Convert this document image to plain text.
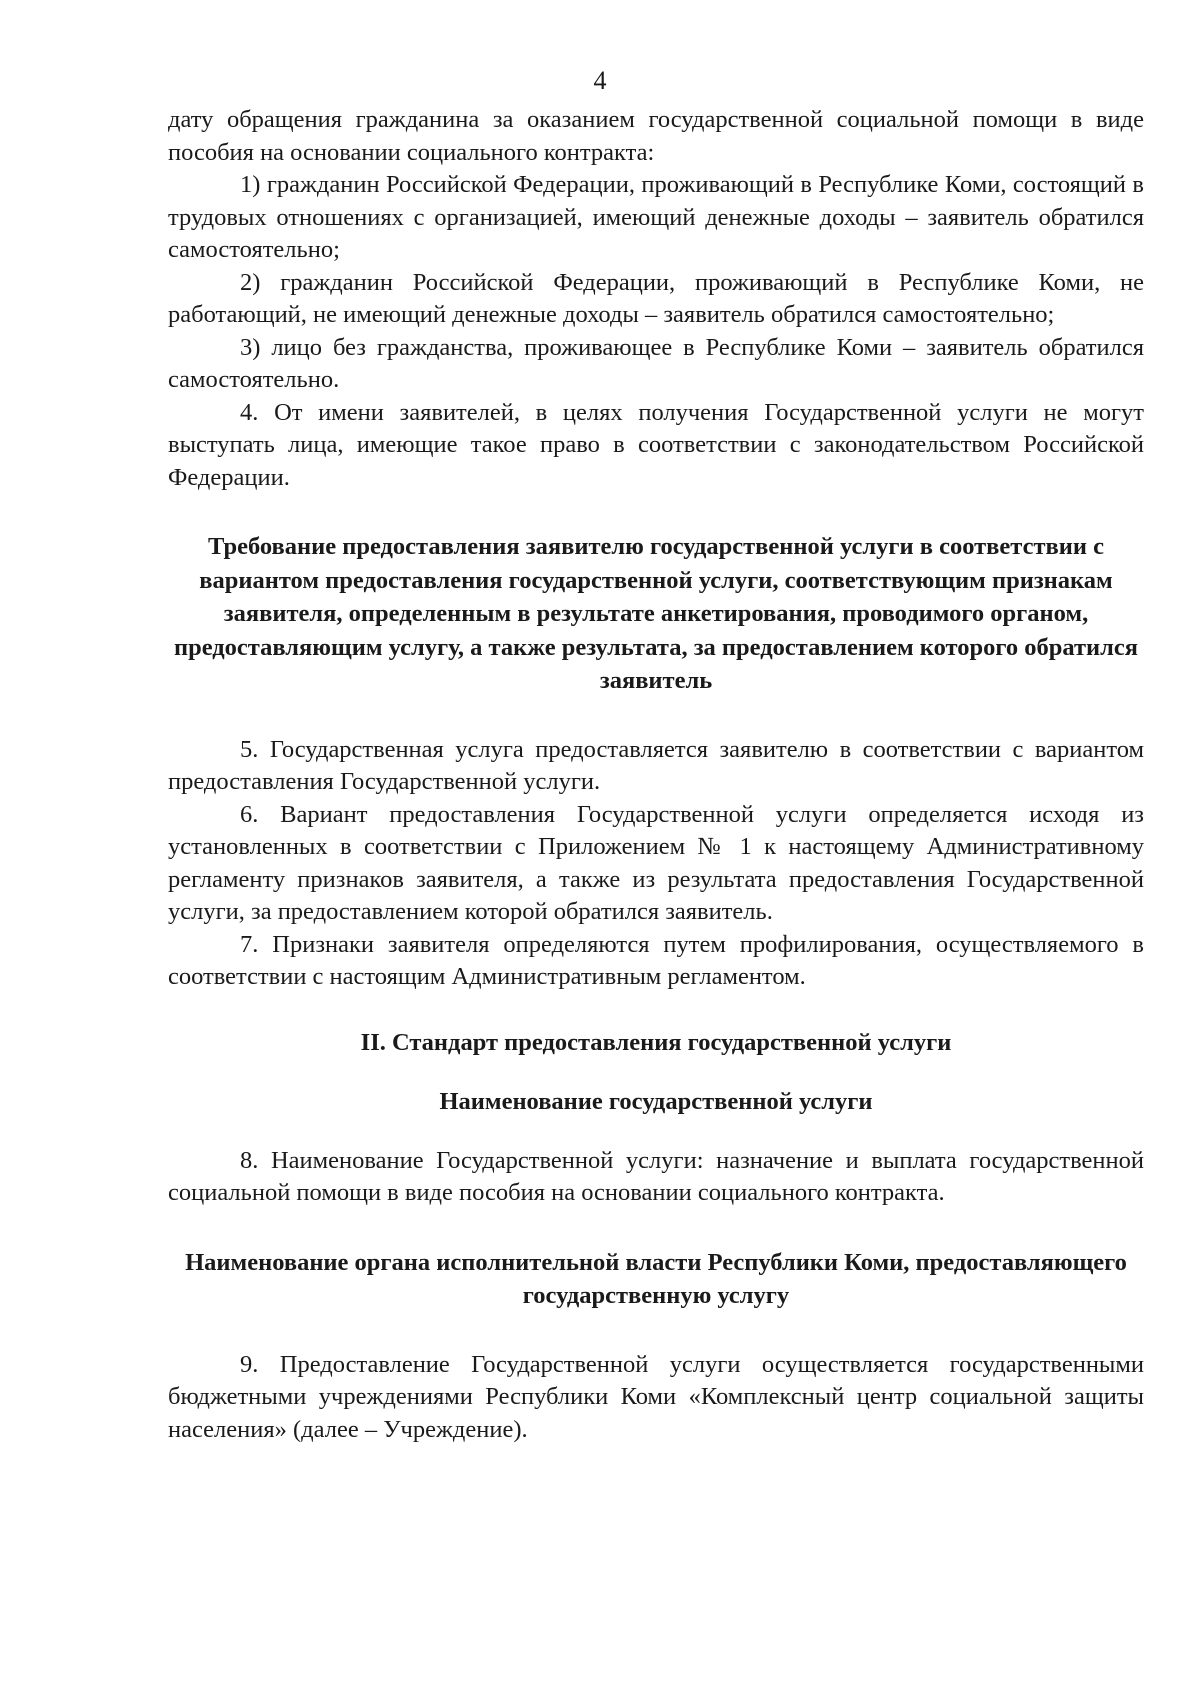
4

дату обращения гражданина за оказанием государственной социальной помощи в виде пособия на основании социального контракта:

1) гражданин Российской Федерации, проживающий в Республике Коми, состоящий в трудовых отношениях с организацией, имеющий денежные доходы – заявитель обратился самостоятельно;

2) гражданин Российской Федерации, проживающий в Республике Коми, не работающий, не имеющий денежные доходы – заявитель обратился самостоятельно;

3) лицо без гражданства, проживающее в Республике Коми – заявитель обратился самостоятельно.

4. От имени заявителей, в целях получения Государственной услуги не могут выступать лица, имеющие такое право в соответствии с законодательством Российской Федерации.

Требование предоставления заявителю государственной услуги в соответствии с вариантом предоставления государственной услуги, соответствующим признакам заявителя, определенным в результате анкетирования, проводимого органом, предоставляющим услугу, а также результата, за предоставлением которого обратился заявитель

5. Государственная услуга предоставляется заявителю в соответствии с вариантом предоставления Государственной услуги.

6. Вариант предоставления Государственной услуги определяется исходя из установленных в соответствии с Приложением № 1 к настоящему Административному регламенту признаков заявителя, а также из результата предоставления Государственной услуги, за предоставлением которой обратился заявитель.

7. Признаки заявителя определяются путем профилирования, осуществляемого в соответствии с настоящим Административным регламентом.

II. Стандарт предоставления государственной услуги
Наименование государственной услуги

8. Наименование Государственной услуги: назначение и выплата государственной социальной помощи в виде пособия на основании социального контракта.

Наименование органа исполнительной власти Республики Коми, предоставляющего государственную услугу

9. Предоставление Государственной услуги осуществляется государственными бюджетными учреждениями Республики Коми «Комплексный центр социальной защиты населения» (далее – Учреждение).
